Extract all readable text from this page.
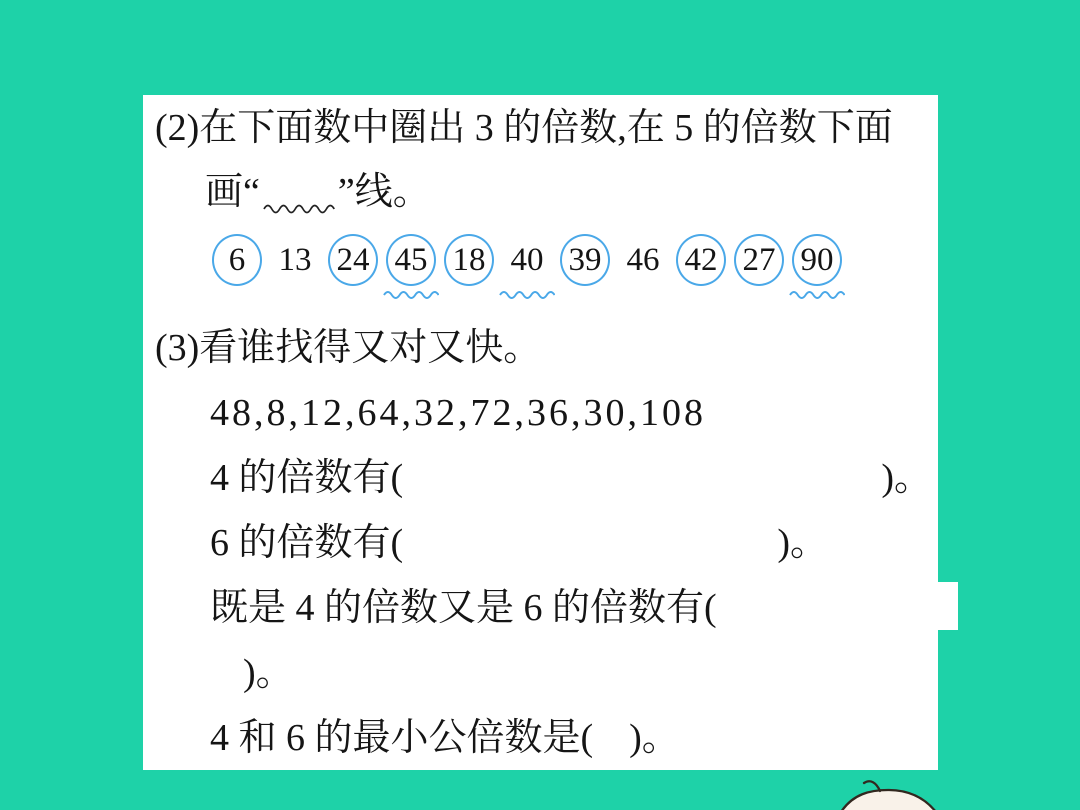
(2)在下面数中圈出 3 的倍数,在 5 的倍数下面
画“ ”线。
6	13 24 45 18 40 39 46 42 27 90
(3)看谁找得又对又快。
48,8,12,64,32,72,36,30,108
4 的倍数有(	)。
6 的倍数有(	)。
既是 4 的倍数又是 6 的倍数有(
)。
4 和 6 的最小公倍数是( )。
